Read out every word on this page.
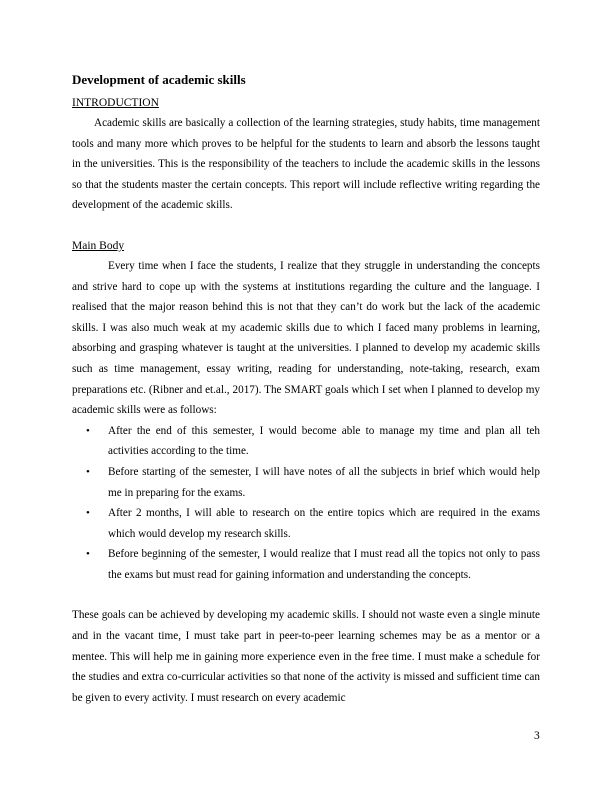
Development of academic skills
INTRODUCTION

Academic skills are basically a collection of the learning strategies, study habits, time management tools and many more which proves to be helpful for the students to learn and absorb the lessons taught in the universities. This is the responsibility of the teachers to include the academic skills in the lessons so that the students master the certain concepts. This report will include reflective writing regarding the development of the academic skills.

Main Body

Every time when I face the students, I realize that they struggle in understanding the concepts and strive hard to cope up with the systems at institutions regarding the culture and the language. I realised that the major reason behind this is not that they can’t do work but the lack of the academic skills. I was also much weak at my academic skills due to which I faced many problems in learning, absorbing and grasping whatever is taught at the universities. I planned to develop my academic skills such as time management, essay writing, reading for understanding, note-taking, research, exam preparations etc. (Ribner and et.al., 2017). The SMART goals which I set when I planned to develop my academic skills were as follows:

• After the end of this semester, I would become able to manage my time and plan all teh activities according to the time.
• Before starting of the semester, I will have notes of all the subjects in brief which would help me in preparing for the exams.
• After 2 months, I will able to research on the entire topics which are required in the exams which would develop my research skills.
• Before beginning of the semester, I would realize that I must read all the topics not only to pass the exams but must read for gaining information and understanding the concepts.

These goals can be achieved by developing my academic skills. I should not waste even a single minute and in the vacant time, I must take part in peer-to-peer learning schemes may be as a mentor or a mentee. This will help me in gaining more experience even in the free time. I must make a schedule for the studies and extra co-curricular activities so that none of the activity is missed and sufficient time can be given to every activity. I must research on every academic

3
